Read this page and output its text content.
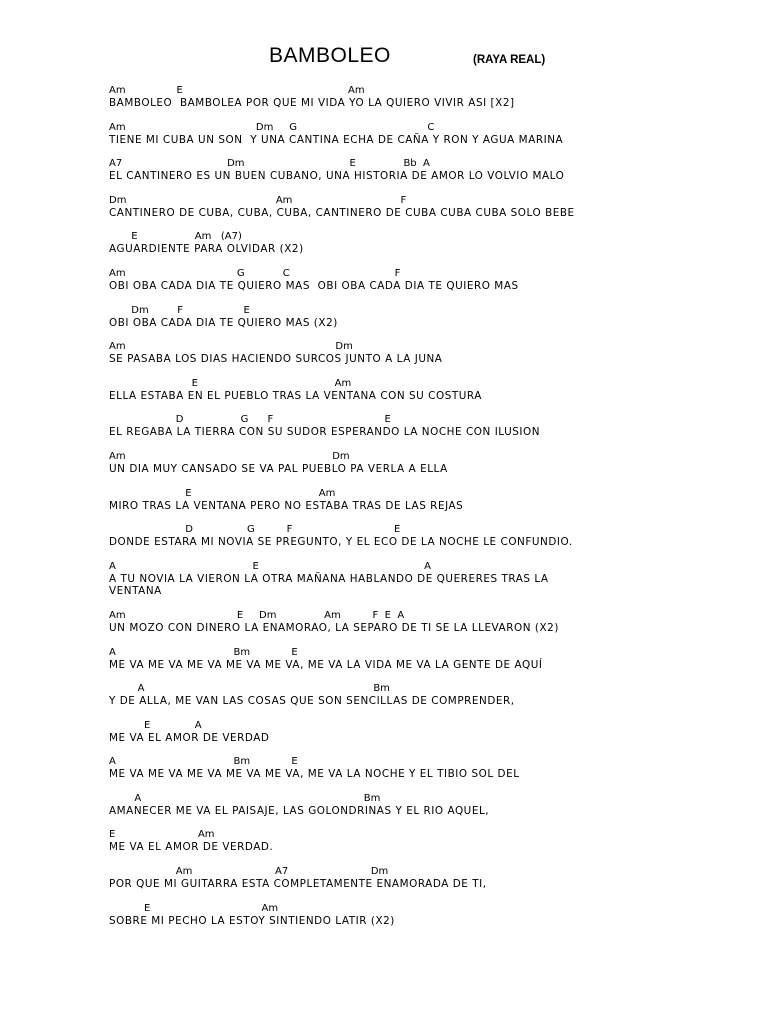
BAMBOLEO	(RAYA REAL)
Am                E                                                    Am
BAMBOLEO  BAMBOLEA POR QUE MI VIDA YO LA QUIERO VIVIR ASI [X2]
Am                                         Dm     G                                         C
TIENE MI CUBA UN SON  Y UNA CANTINA ECHA DE CAÑA Y RON Y AGUA MARINA
A7                                 Dm                                 E               Bb  A
EL CANTINERO ES UN BUEN CUBANO, UNA HISTORIA DE AMOR LO VOLVIO MALO
Dm                                               Am                                  F
CANTINERO DE CUBA, CUBA, CUBA, CANTINERO DE CUBA CUBA CUBA SOLO BEBE
E                  Am   (A7)
AGUARDIENTE PARA OLVIDAR (X2)
Am                                   G            C                                 F
OBI OBA CADA DIA TE QUIERO MAS  OBI OBA CADA DIA TE QUIERO MAS
Dm         F                   E
OBI OBA CADA DIA TE QUIERO MAS (X2)
Am                                                                  Dm
SE PASABA LOS DIAS HACIENDO SURCOS JUNTO A LA JUNA
E                                           Am
ELLA ESTABA EN EL PUEBLO TRAS LA VENTANA CON SU COSTURA
D                  G      F                                   E
EL REGABA LA TIERRA CON SU SUDOR ESPERANDO LA NOCHE CON ILUSION
Am                                                                 Dm
UN DIA MUY CANSADO SE VA PAL PUEBLO PA VERLA A ELLA
E                                        Am
MIRO TRAS LA VENTANA PERO NO ESTABA TRAS DE LAS REJAS
D                 G          F                                E
DONDE ESTARA MI NOVIA SE PREGUNTO, Y EL ECO DE LA NOCHE LE CONFUNDIO.
A                                           E                                                    A
A TU NOVIA LA VIERON LA OTRA MAÑANA HABLANDO DE QUERERES TRAS LA
VENTANA
Am                                   E     Dm               Am          F  E  A
UN MOZO CON DINERO LA ENAMORAO, LA SEPARO DE TI SE LA LLEVARON (X2)
A                                     Bm             E
ME VA ME VA ME VA ME VA ME VA, ME VA LA VIDA ME VA LA GENTE DE AQUÍ
A                                                                        Bm
Y DE ALLA, ME VAN LAS COSAS QUE SON SENCILLAS DE COMPRENDER,
E              A
ME VA EL AMOR DE VERDAD
A                                     Bm             E
ME VA ME VA ME VA ME VA ME VA, ME VA LA NOCHE Y EL TIBIO SOL DEL
A                                                                      Bm
AMANECER ME VA EL PAISAJE, LAS GOLONDRINAS Y EL RIO AQUEL,
E                          Am
ME VA EL AMOR DE VERDAD.
Am                          A7                          Dm
POR QUE MI GUITARRA ESTA COMPLETAMENTE ENAMORADA DE TI,
E                                   Am
SOBRE MI PECHO LA ESTOY SINTIENDO LATIR (X2)
